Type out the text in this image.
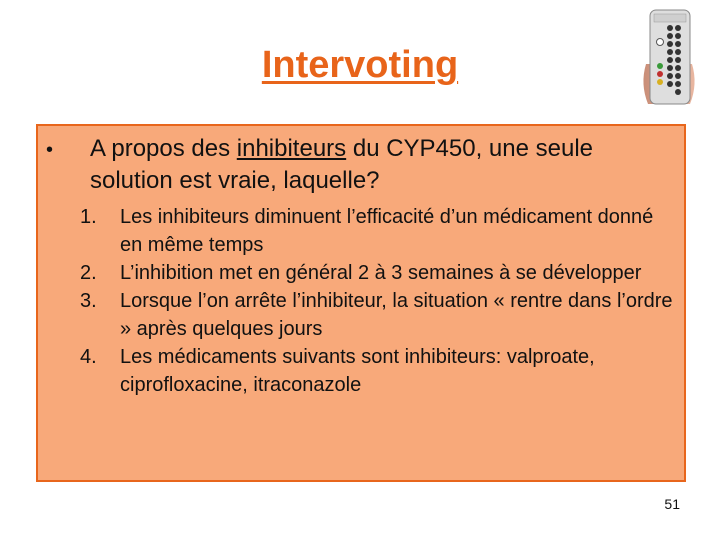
Intervoting
• A propos des inhibiteurs du CYP450, une seule solution est vraie, laquelle?
1. Les inhibiteurs diminuent l’efficacité d’un médicament donné en même temps
2. L’inhibition met en général 2 à 3 semaines à se développer
3. Lorsque l’on arrête l’inhibiteur, la situation « rentre dans l’ordre » après quelques jours
4. Les médicaments suivants sont inhibiteurs: valproate, ciprofloxacine, itraconazole
51
